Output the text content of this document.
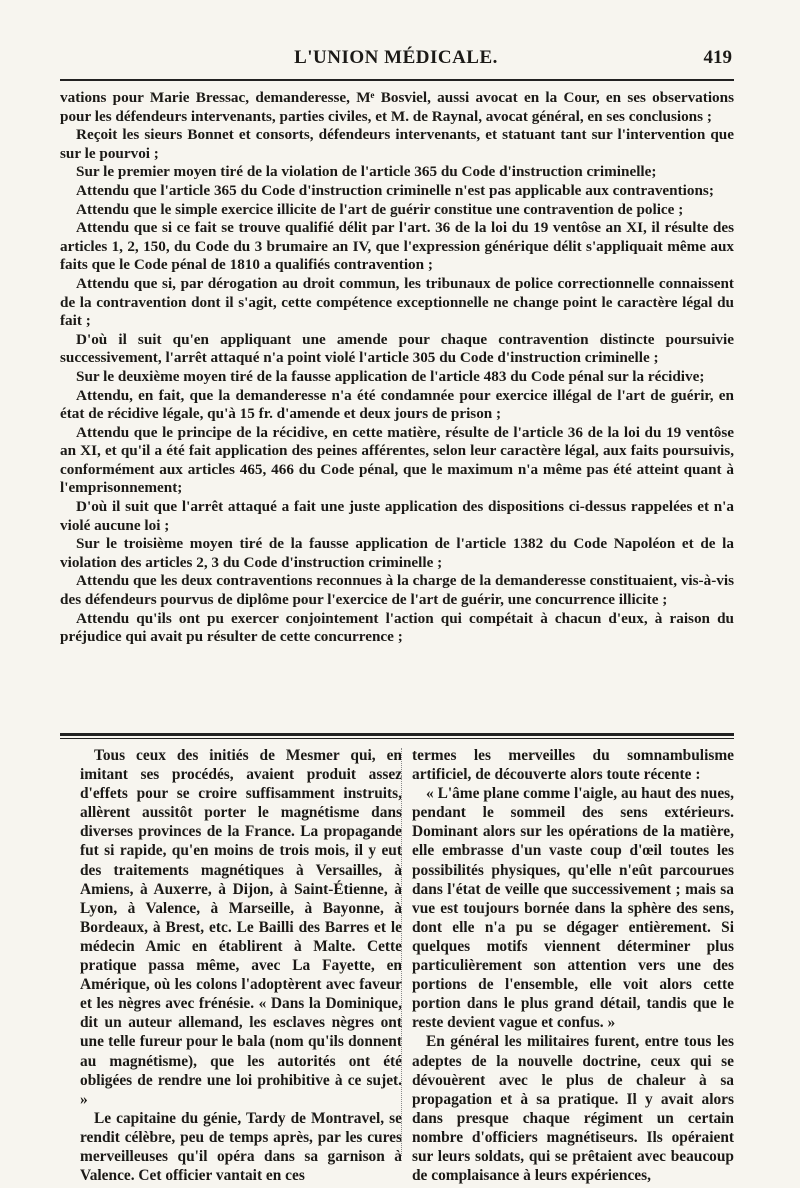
L'UNION MÉDICALE.	419

vations pour Marie Bressac, demanderesse, Mᵉ Bosviel, aussi avocat en la Cour, en ses observations pour les défendeurs intervenants, parties civiles, et M. de Raynal, avocat général, en ses conclusions ;

Reçoit les sieurs Bonnet et consorts, défendeurs intervenants, et statuant tant sur l'intervention que sur le pourvoi ;

Sur le premier moyen tiré de la violation de l'article 365 du Code d'instruction criminelle;

Attendu que l'article 365 du Code d'instruction criminelle n'est pas applicable aux contraventions;

Attendu que le simple exercice illicite de l'art de guérir constitue une contravention de police ;

Attendu que si ce fait se trouve qualifié délit par l'art. 36 de la loi du 19 ventôse an XI, il résulte des articles 1, 2, 150, du Code du 3 brumaire an IV, que l'expression générique délit s'appliquait même aux faits que le Code pénal de 1810 a qualifiés contravention ;

Attendu que si, par dérogation au droit commun, les tribunaux de police correctionnelle connaissent de la contravention dont il s'agit, cette compétence exceptionnelle ne change point le caractère légal du fait ;

D'où il suit qu'en appliquant une amende pour chaque contravention distincte poursuivie successivement, l'arrêt attaqué n'a point violé l'article 305 du Code d'instruction criminelle ;

Sur le deuxième moyen tiré de la fausse application de l'article 483 du Code pénal sur la récidive;

Attendu, en fait, que la demanderesse n'a été condamnée pour exercice illégal de l'art de guérir, en état de récidive légale, qu'à 15 fr. d'amende et deux jours de prison ;

Attendu que le principe de la récidive, en cette matière, résulte de l'article 36 de la loi du 19 ventôse an XI, et qu'il a été fait application des peines afférentes, selon leur caractère légal, aux faits poursuivis, conformément aux articles 465, 466 du Code pénal, que le maximum n'a même pas été atteint quant à l'emprisonnement;

D'où il suit que l'arrêt attaqué a fait une juste application des dispositions ci-dessus rappelées et n'a violé aucune loi ;

Sur le troisième moyen tiré de la fausse application de l'article 1382 du Code Napoléon et de la violation des articles 2, 3 du Code d'instruction criminelle ;

Attendu que les deux contraventions reconnues à la charge de la demanderesse constituaient, vis-à-vis des défendeurs pourvus de diplôme pour l'exercice de l'art de guérir, une concurrence illicite ;

Attendu qu'ils ont pu exercer conjointement l'action qui compétait à chacun d'eux, à raison du préjudice qui avait pu résulter de cette concurrence ;

Tous ceux des initiés de Mesmer qui, en imitant ses procédés, avaient produit assez d'effets pour se croire suffisamment instruits, allèrent aussitôt porter le magnétisme dans diverses provinces de la France. La propagande fut si rapide, qu'en moins de trois mois, il y eut des traitements magnétiques à Versailles, à Amiens, à Auxerre, à Dijon, à Saint-Étienne, à Lyon, à Valence, à Marseille, à Bayonne, à Bordeaux, à Brest, etc. Le Bailli des Barres et le médecin Amic en établirent à Malte. Cette pratique passa même, avec La Fayette, en Amérique, où les colons l'adoptèrent avec faveur et les nègres avec frénésie. « Dans la Dominique, dit un auteur allemand, les esclaves nègres ont une telle fureur pour le bala (nom qu'ils donnent au magnétisme), que les autorités ont été obligées de rendre une loi prohibitive à ce sujet. »

Le capitaine du génie, Tardy de Montravel, se rendit célèbre, peu de temps après, par les cures merveilleuses qu'il opéra dans sa garnison à Valence. Cet officier vantait en ces

termes les merveilles du somnambulisme artificiel, de découverte alors toute récente :

« L'âme plane comme l'aigle, au haut des nues, pendant le sommeil des sens extérieurs. Dominant alors sur les opérations de la matière, elle embrasse d'un vaste coup d'œil toutes les possibilités physiques, qu'elle n'eût parcourues dans l'état de veille que successivement ; mais sa vue est toujours bornée dans la sphère des sens, dont elle n'a pu se dégager entièrement. Si quelques motifs viennent déterminer plus particulièrement son attention vers une des portions de l'ensemble, elle voit alors cette portion dans le plus grand détail, tandis que le reste devient vague et confus. »

En général les militaires furent, entre tous les adeptes de la nouvelle doctrine, ceux qui se dévouèrent avec le plus de chaleur à sa propagation et à sa pratique. Il y avait alors dans presque chaque régiment un certain nombre d'officiers magnétiseurs. Ils opéraient sur leurs soldats, qui se prêtaient avec beaucoup de complaisance à leurs expériences,
